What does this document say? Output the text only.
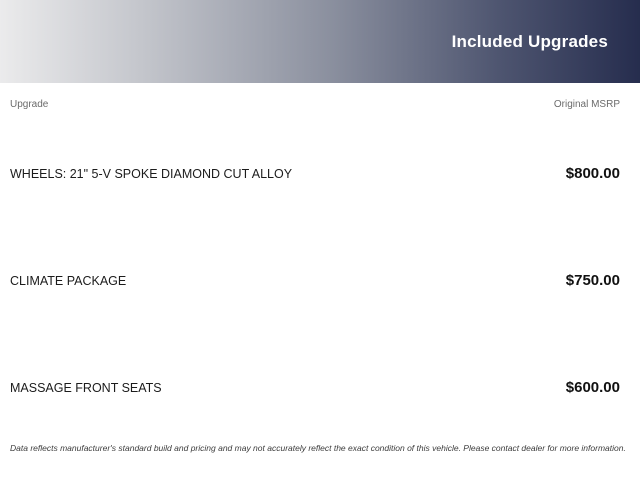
Included Upgrades
Upgrade	Original MSRP
WHEELS: 21" 5-V SPOKE DIAMOND CUT ALLOY	$800.00
CLIMATE PACKAGE	$750.00
MASSAGE FRONT SEATS	$600.00
Data reflects manufacturer's standard build and pricing and may not accurately reflect the exact condition of this vehicle. Please contact dealer for more information.
